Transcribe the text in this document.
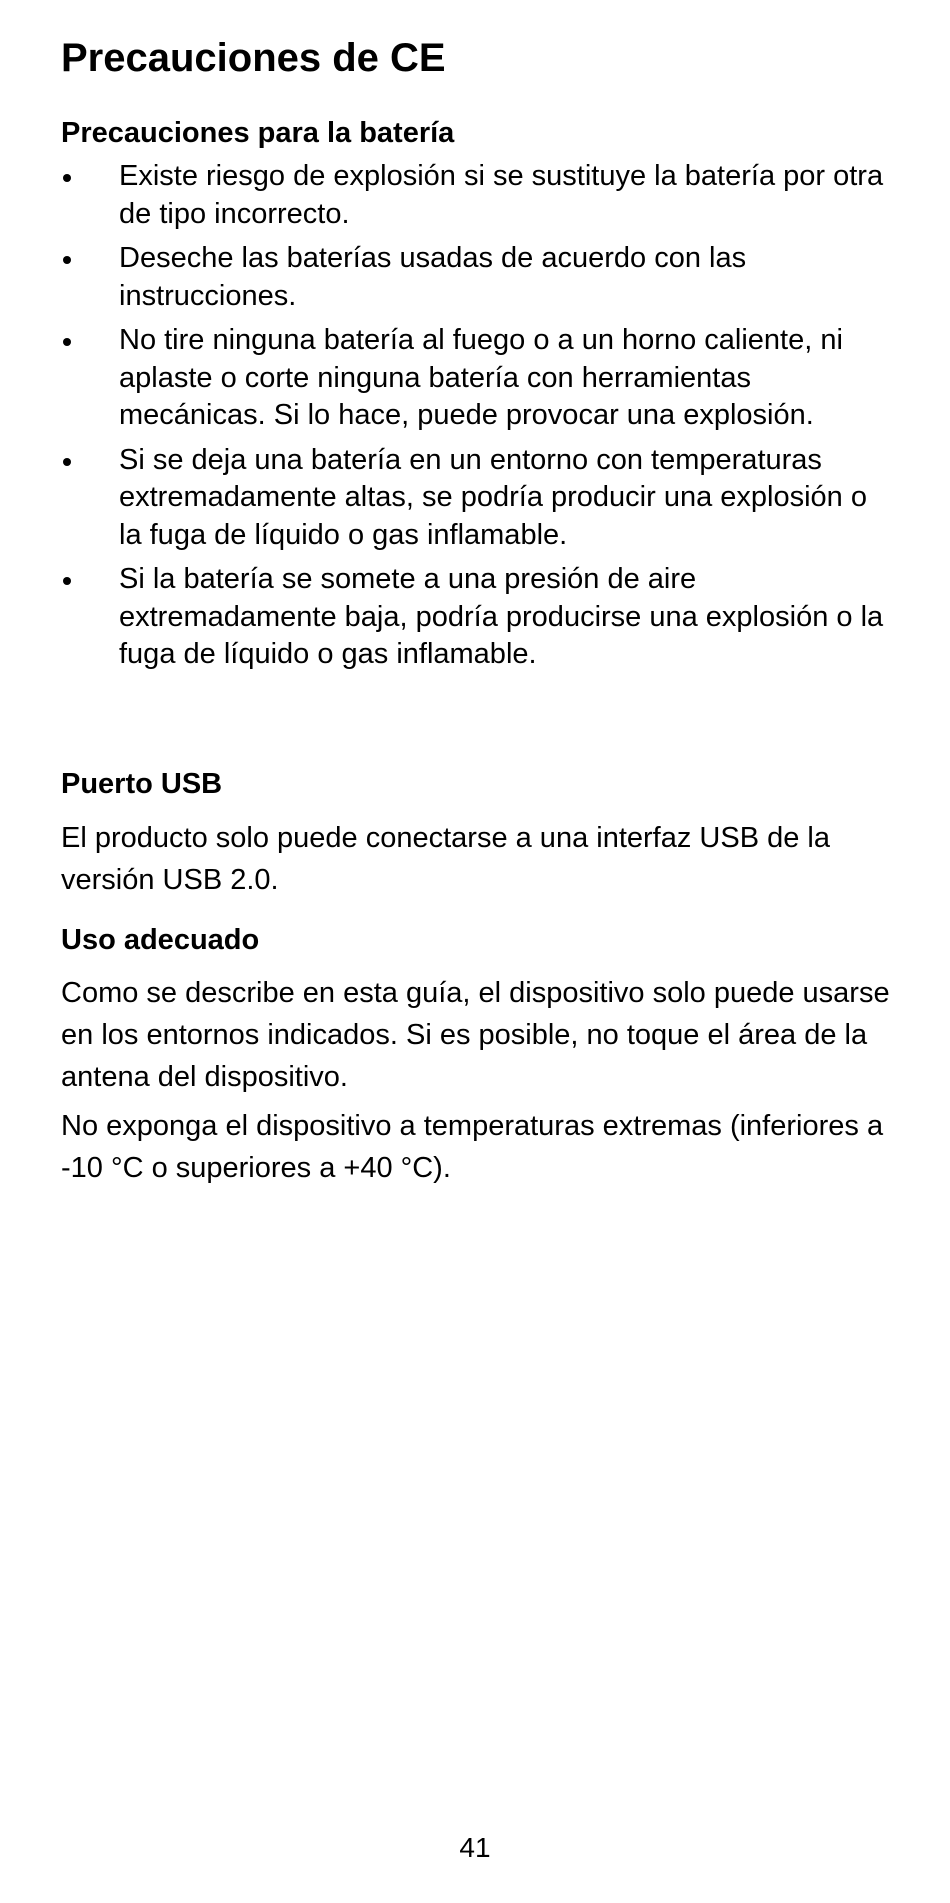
Precauciones de CE
Precauciones para la batería
Existe riesgo de explosión si se sustituye la batería por otra de tipo incorrecto.
Deseche las baterías usadas de acuerdo con las instrucciones.
No tire ninguna batería al fuego o a un horno caliente, ni aplaste o corte ninguna batería con herramientas mecánicas. Si lo hace, puede provocar una explosión.
Si se deja una batería en un entorno con temperaturas extremadamente altas, se podría producir una explosión o la fuga de líquido o gas inflamable.
Si la batería se somete a una presión de aire extremadamente baja, podría producirse una explosión o la fuga de líquido o gas inflamable.
Puerto USB

El producto solo puede conectarse a una interfaz USB de la versión USB 2.0.

Uso adecuado

Como se describe en esta guía, el dispositivo solo puede usarse en los entornos indicados. Si es posible, no toque el área de la antena del dispositivo.

No exponga el dispositivo a temperaturas extremas (inferiores a -10 °C o superiores a +40 °C).

41
